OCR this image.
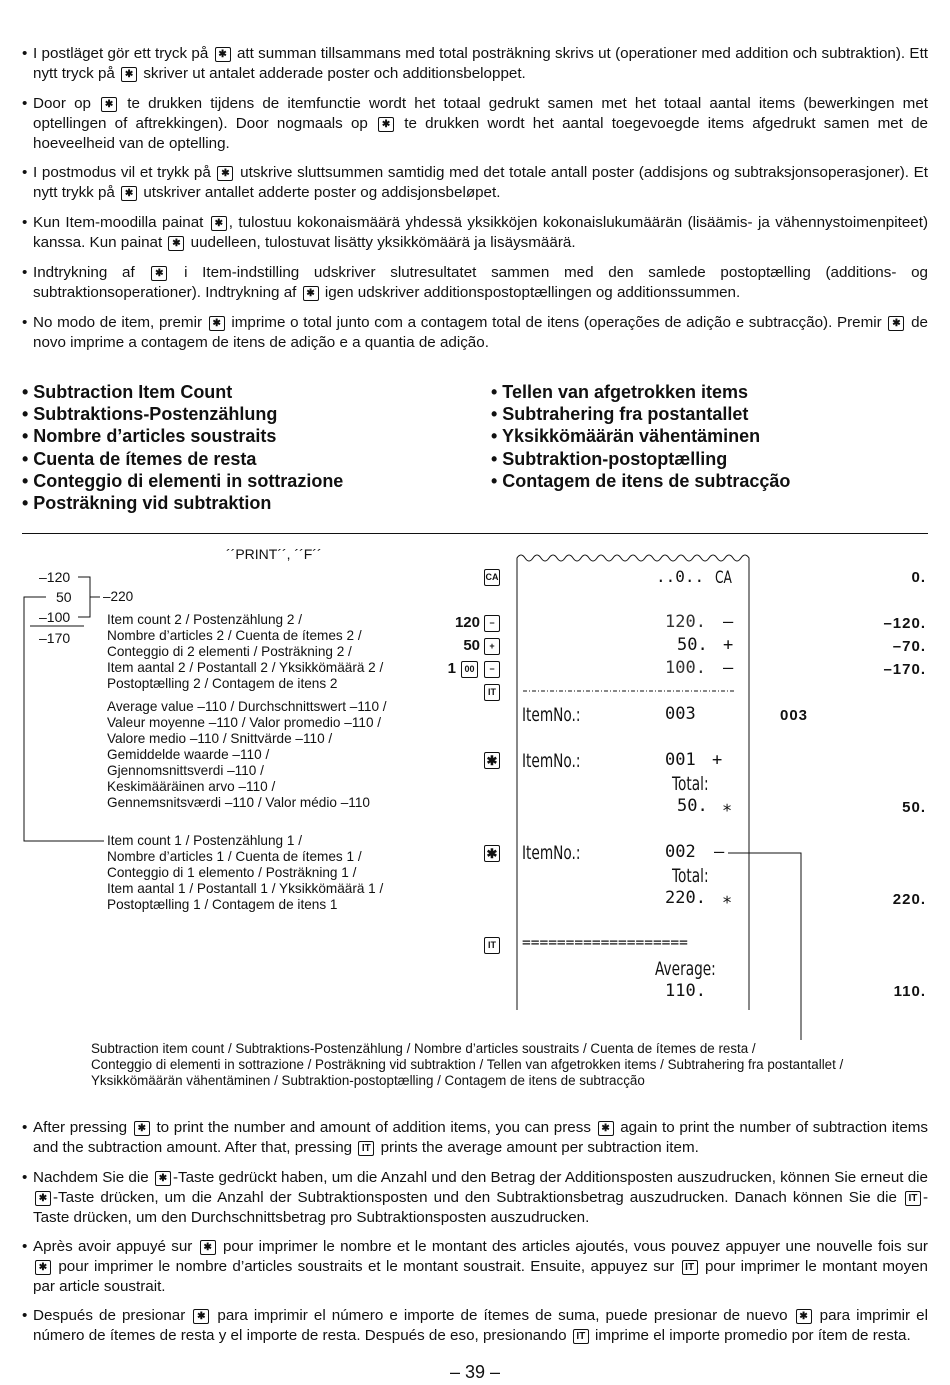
• I postläget gör ett tryck på ✱ att summan tillsammans med total posträkning skrivs ut (operationer med addition och subtraktion). Ett nytt tryck på ✱ skriver ut antalet adderade poster och additionsbeloppet.
• Door op ✱ te drukken tijdens de itemfunctie wordt het totaal gedrukt samen met het totaal aantal items (bewerkingen met optellingen of aftrekkingen). Door nogmaals op ✱ te drukken wordt het aantal toegevoegde items afgedrukt samen met de hoeveelheid van de optelling.
• I postmodus vil et trykk på ✱ utskrive sluttsummen samtidig med det totale antall poster (addisjons og subtraksjonsoperasjoner). Et nytt trykk på ✱ utskriver antallet adderte poster og addisjonsbeløpet.
• Kun Item-moodilla painat ✱ , tulostuu kokonaismäärä yhdessä yksikköjen kokonaislukumäärän (lisäämis- ja vähennystoimenpiteet) kanssa. Kun painat ✱ uudelleen, tulostuvat lisätty yksikkömäärä ja lisäysmäärä.
• Indtrykning af ✱ i Item-indstilling udskriver slutresultatet sammen med den samlede postoptælling (additions- og subtraktionsoperationer). Indtrykning af ✱ igen udskriver additionspostoptællingen og additionssummen.
• No modo de item, premir ✱ imprime o total junto com a contagem total de itens (operações de adição e subtracção). Premir ✱ de novo imprime a contagem de itens de adição e a quantia de adição.
• Subtraction Item Count
• Subtraktions-Postenzählung
• Nombre d’articles soustraits
• Cuenta de ítemes de resta
• Conteggio di elementi in sottrazione
• Posträkning vid subtraktion
• Tellen van afgetrokken items
• Subtrahering fra postantallet
• Yksikkömäärän vähentäminen
• Subtraktion-postoptælling
• Contagem de itens de subtracção
´´PRINT´´, ´´F´´
–120
50
–100
–170
–220
Item count 2 / Postenzählung 2 /
Nombre d’articles 2 / Cuenta de ítemes 2 /
Conteggio di 2 elementi / Posträkning 2 /
Item aantal 2 / Postantall 2 / Yksikkömäärä 2 /
Postoptælling 2 / Contagem de itens 2
Average value –110 / Durchschnittswert –110 /
Valeur moyenne –110 / Valor promedio –110 /
Valore medio –110 / Snittvärde –110 /
Gemiddelde waarde –110 /
Gjennomsnittsverdi –110 /
Keskimääräinen arvo –110 /
Gennemsnitsværdi –110 / Valor médio –110
Item count 1 / Postenzählung 1 /
Nombre d’articles 1 / Cuenta de ítemes 1 /
Conteggio di 1 elemento / Posträkning 1 /
Item aantal 1 / Postantall 1 / Yksikkömäärä 1 /
Postoptælling 1 / Contagem de itens 1
120
50
1 00
CA
−
+
−
IT
✱
✱
IT
..0.. CA
120. –
50. +
100. –
ItemNo.:	003
ItemNo.:	001 +
Total:
50. ∗
ItemNo.:	002 –
Total:
220. ∗
===================
Average:
110.
0.
–120.
–70.
–170.
003
50.
220.
110.
Subtraction item count / Subtraktions-Postenzählung / Nombre d’articles soustraits / Cuenta de ítemes de resta /
Conteggio di elementi in sottrazione / Posträkning vid subtraktion / Tellen van afgetrokken items / Subtrahering fra postantallet /
Yksikkömäärän vähentäminen / Subtraktion-postoptælling / Contagem de itens de subtracção
• After pressing ✱ to print the number and amount of addition items, you can press ✱ again to print the number of subtraction items and the subtraction amount. After that, pressing IT prints the average amount per subtraction item.
• Nachdem Sie die ✱ -Taste gedrückt haben, um die Anzahl und den Betrag der Additionsposten auszudrucken, können Sie erneut die ✱ -Taste drücken, um die Anzahl der Subtraktionsposten und den Subtraktionsbetrag auszudrucken. Danach können Sie die IT -Taste drücken, um den Durchschnittsbetrag pro Subtraktionsposten auszudrucken.
• Après avoir appuyé sur ✱ pour imprimer le nombre et le montant des articles ajoutés, vous pouvez appuyer une nouvelle fois sur ✱ pour imprimer le nombre d’articles soustraits et le montant soustrait. Ensuite, appuyez sur IT pour imprimer le montant moyen par article soustrait.
• Después de presionar ✱ para imprimir el número e importe de ítemes de suma, puede presionar de nuevo ✱ para imprimir el número de ítemes de resta y el importe de resta. Después de eso, presionando IT imprime el importe promedio por ítem de resta.
– 39 –
